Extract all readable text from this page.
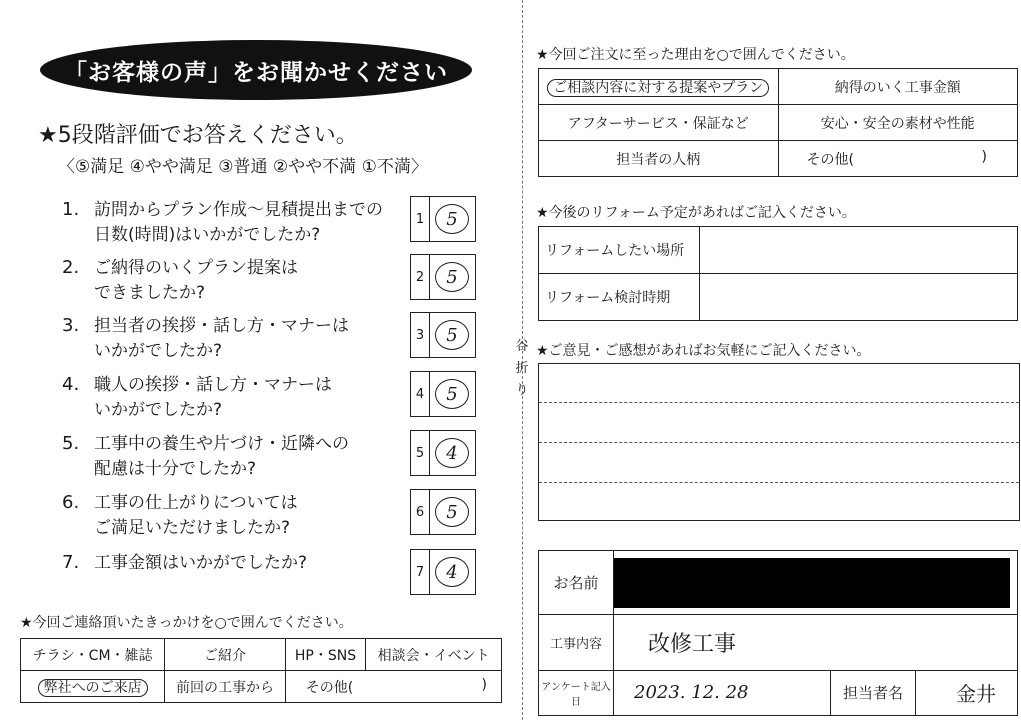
谷折り
「お客様の声」をお聞かせください
★5段階評価でお答えください。
〈⑤満足 ④やや満足 ③普通 ②やや不満 ①不満〉
1. 訪問からプラン作成〜見積提出までの
日数(時間)はいかがでしたか?
1	5
2. ご納得のいくプラン提案は
できましたか?
2	5
3. 担当者の挨拶・話し方・マナーは
いかがでしたか?
3	5
4. 職人の挨拶・話し方・マナーは
いかがでしたか?
4	5
5. 工事中の養生や片づけ・近隣への
配慮は十分でしたか?
5	4
6. 工事の仕上がりについては
ご満足いただけましたか?
6	5
7. 工事金額はいかがでしたか?	7	4
★今回ご連絡頂いたきっかけを○で囲んでください。
チラシ・CM・雑誌	ご紹介	HP・SNS	相談会・イベント
弊社へのご来店	前回の工事から	その他( )	
★今回ご注文に至った理由を○で囲んでください。
ご相談内容に対する提案やプラン	納得のいく工事金額
アフターサービス・保証など	安心・安全の素材や性能
担当者の人柄	その他( )
★今後のリフォーム予定があればご記入ください。
リフォームしたい場所	
リフォーム検討時期	
★ご意見・ご感想があればお気軽にご記入ください。
お名前			
工事内容	改修工事		
アンケート記入日	2023. 12. 28	担当者名	金井
